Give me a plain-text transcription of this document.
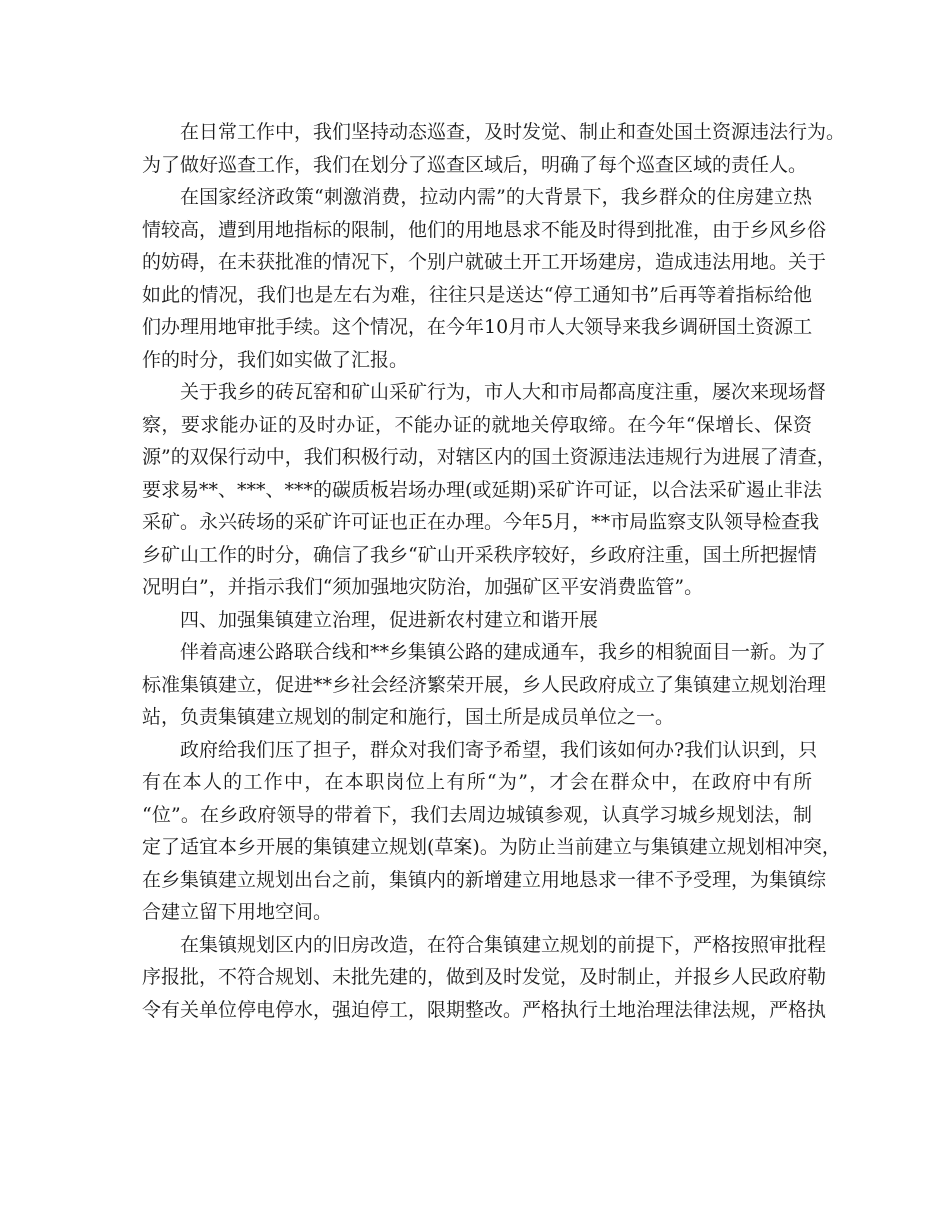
在日常工作中，我们坚持动态巡查，及时发觉、制止和查处国土资源违法行为。
为了做好巡查工作，我们在划分了巡查区域后，明确了每个巡查区域的责任人。
在国家经济政策“刺激消费，拉动内需”的大背景下，我乡群众的住房建立热
情较高，遭到用地指标的限制，他们的用地恳求不能及时得到批准，由于乡风乡俗
的妨碍，在未获批准的情况下，个别户就破土开工开场建房，造成违法用地。关于
如此的情况，我们也是左右为难，往往只是送达“停工通知书”后再等着指标给他
们办理用地审批手续。这个情况，在今年10月市人大领导来我乡调研国土资源工
作的时分，我们如实做了汇报。
关于我乡的砖瓦窑和矿山采矿行为，市人大和市局都高度注重，屡次来现场督
察，要求能办证的及时办证，不能办证的就地关停取缔。在今年“保增长、保资
源”的双保行动中，我们积极行动，对辖区内的国土资源违法违规行为进展了清查，
要求易**、***、***的碳质板岩场办理(或延期)采矿许可证，以合法采矿遏止非法
采矿。永兴砖场的采矿许可证也正在办理。今年5月，**市局监察支队领导检查我
乡矿山工作的时分，确信了我乡“矿山开采秩序较好，乡政府注重，国土所把握情
况明白”，并指示我们“须加强地灾防治，加强矿区平安消费监管”。
四、加强集镇建立治理，促进新农村建立和谐开展
伴着高速公路联合线和**乡集镇公路的建成通车，我乡的相貌面目一新。为了
标准集镇建立，促进**乡社会经济繁荣开展，乡人民政府成立了集镇建立规划治理
站，负责集镇建立规划的制定和施行，国土所是成员单位之一。
政府给我们压了担子，群众对我们寄予希望，我们该如何办?我们认识到，只
有在本人的工作中，在本职岗位上有所“为”，才会在群众中，在政府中有所
“位”。在乡政府领导的带着下，我们去周边城镇参观，认真学习城乡规划法，制
定了适宜本乡开展的集镇建立规划(草案)。为防止当前建立与集镇建立规划相冲突，
在乡集镇建立规划出台之前，集镇内的新增建立用地恳求一律不予受理，为集镇综
合建立留下用地空间。
在集镇规划区内的旧房改造，在符合集镇建立规划的前提下，严格按照审批程
序报批，不符合规划、未批先建的，做到及时发觉，及时制止，并报乡人民政府勒
令有关单位停电停水，强迫停工，限期整改。严格执行土地治理法律法规，严格执
